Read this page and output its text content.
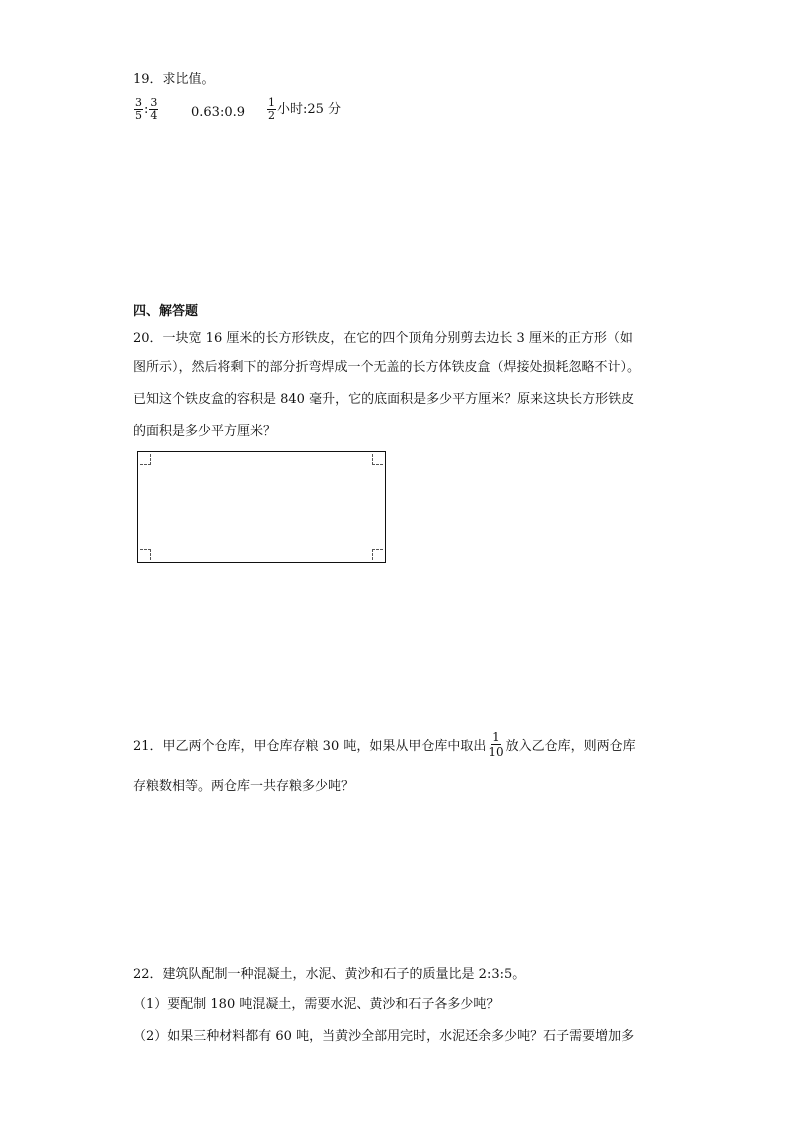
19．求比值。
$\frac{3}{5}$ : $\frac{3}{4}$	0.63:0.9 $\frac{1}{2}$ 小时:25 分
四、解答题
20．一块宽 16 厘米的长方形铁皮，在它的四个顶角分别剪去边长 3 厘米的正方形（如
图所示），然后将剩下的部分折弯焊成一个无盖的长方体铁皮盒（焊接处损耗忽略不计）。
已知这个铁皮盒的容积是 840 毫升，它的底面积是多少平方厘米？原来这块长方形铁皮
的面积是多少平方厘米？
21．甲乙两个仓库，甲仓库存粮 30 吨，如果从甲仓库中取出 $\frac{1}{10}$ 放入乙仓库，则两仓库
存粮数相等。两仓库一共存粮多少吨？
22．建筑队配制一种混凝土，水泥、黄沙和石子的质量比是 2:3:5。
（1）要配制 180 吨混凝土，需要水泥、黄沙和石子各多少吨？
（2）如果三种材料都有 60 吨，当黄沙全部用完时，水泥还余多少吨？石子需要增加多
